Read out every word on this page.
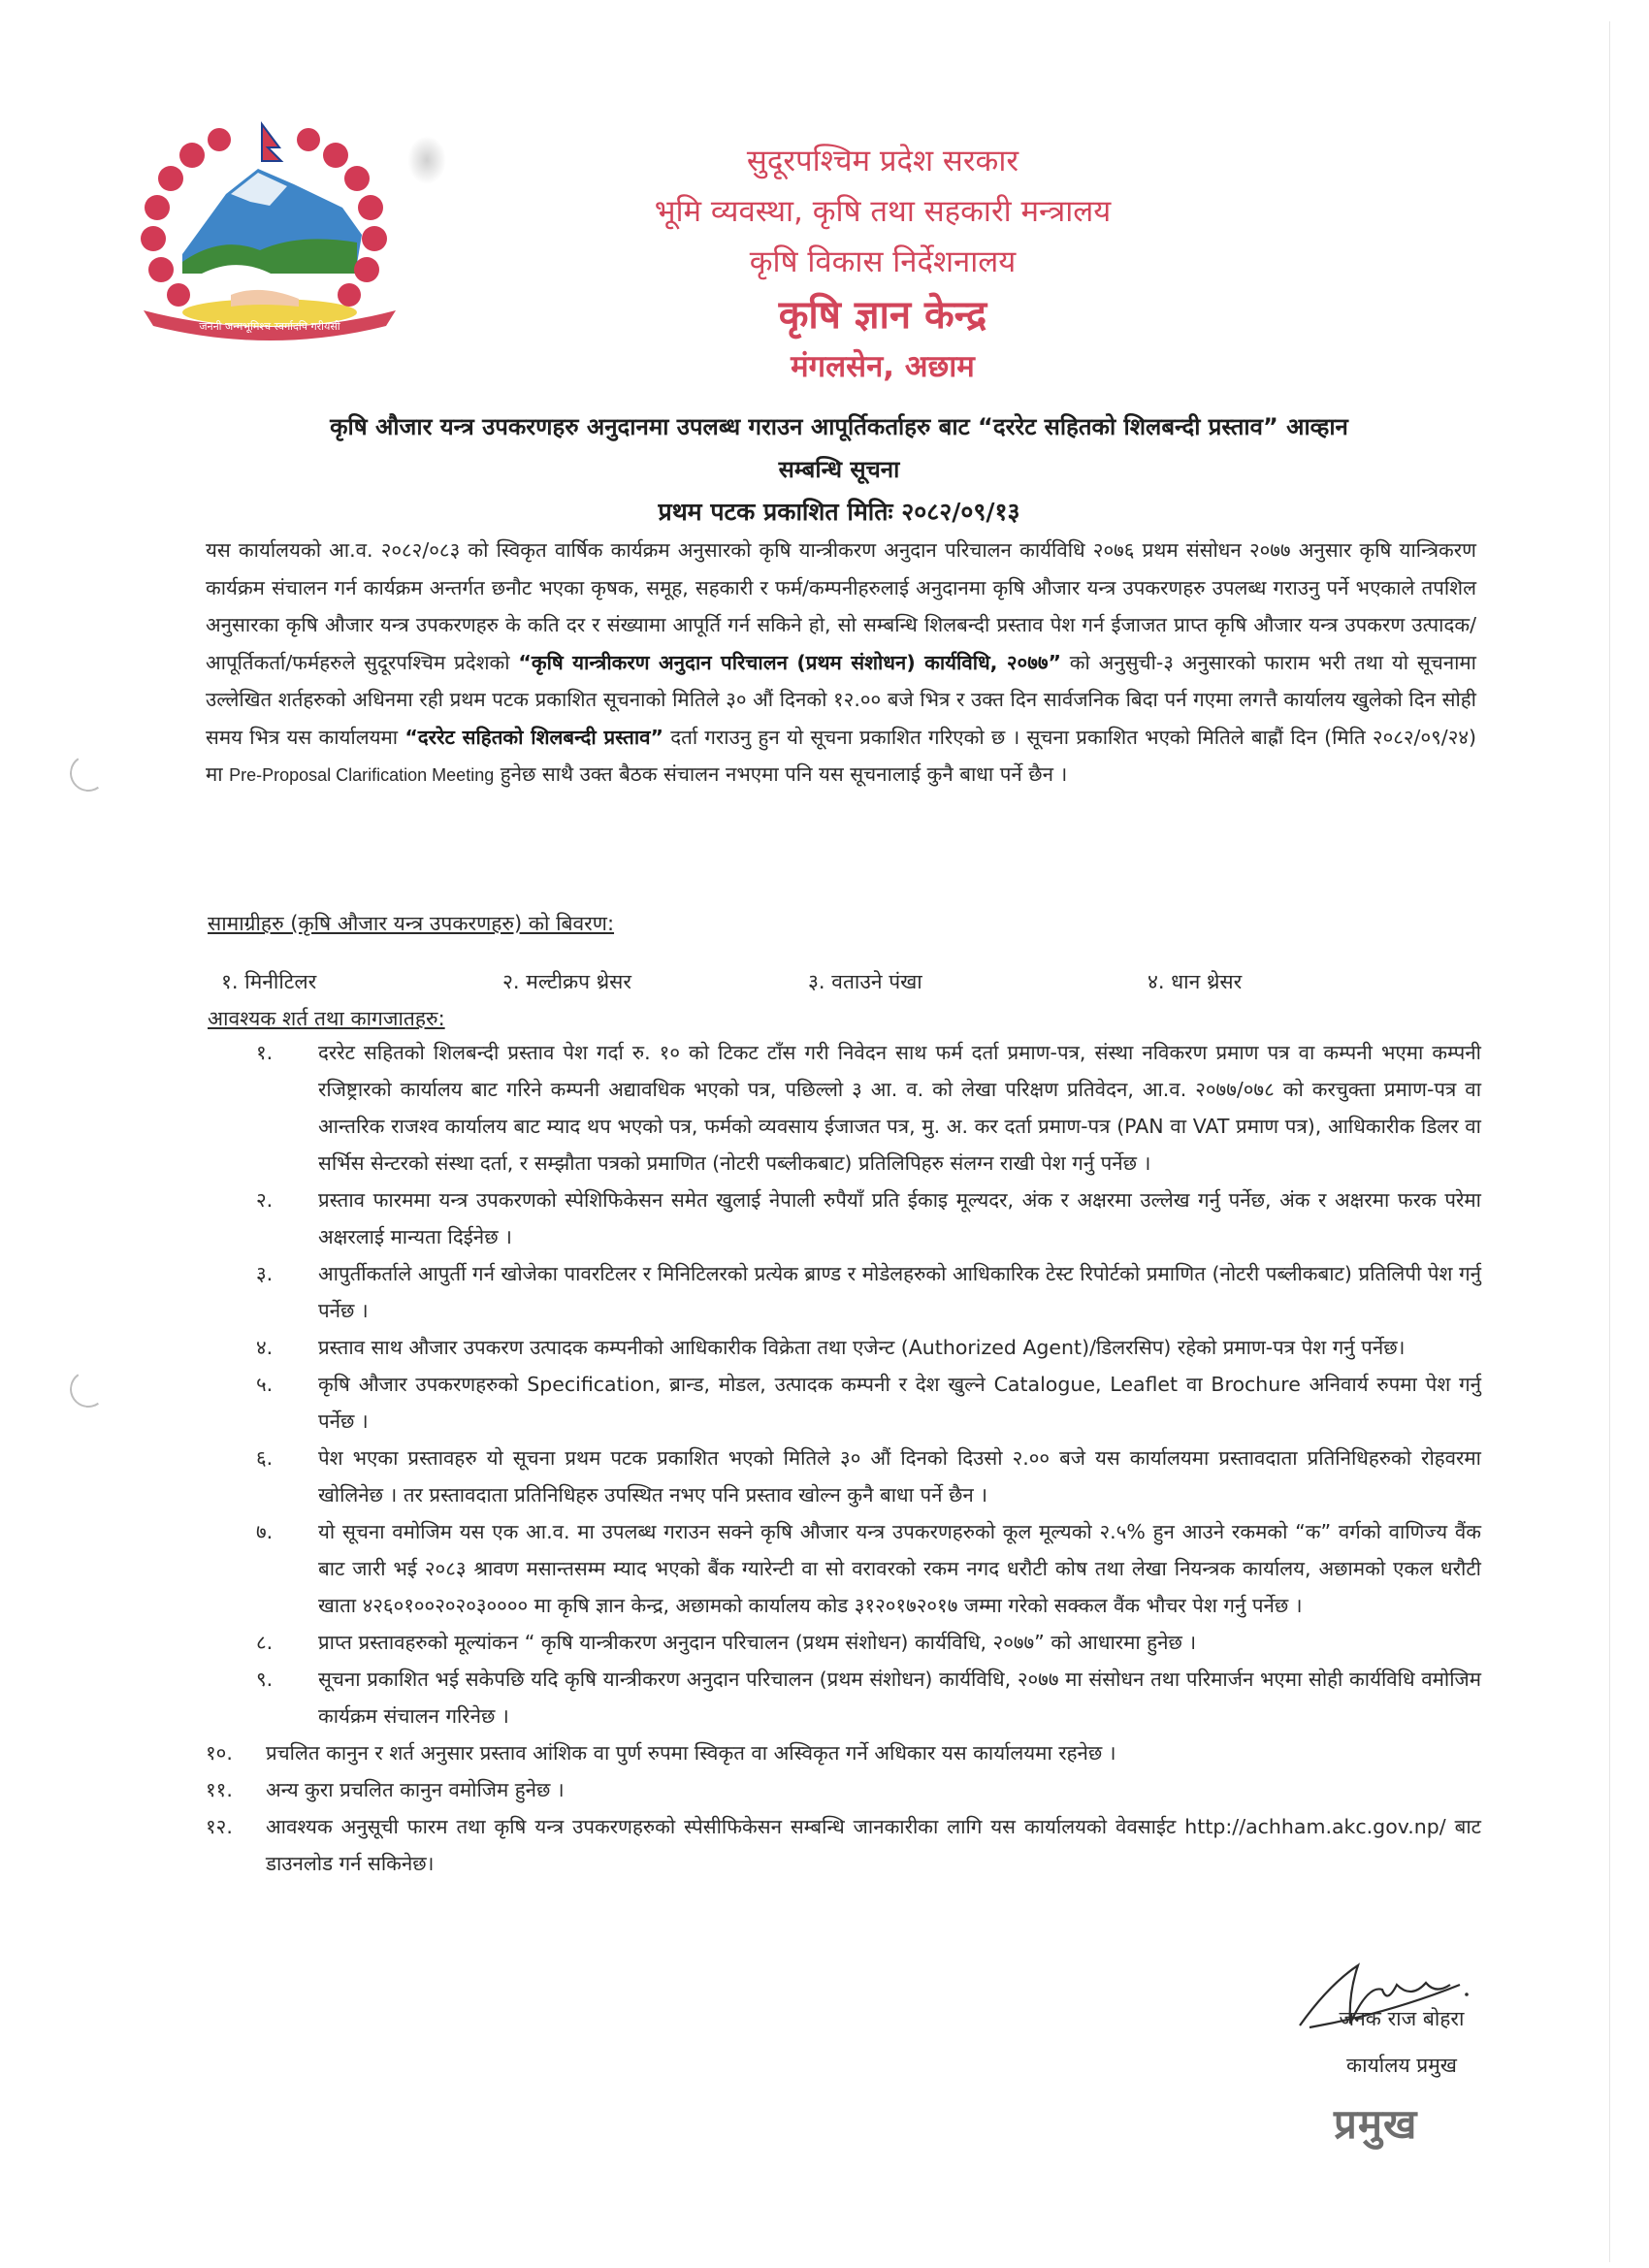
जननी जन्मभूमिश्च स्वर्गादपि गरीयसी
सुदूरपश्चिम प्रदेश सरकार
भूमि व्यवस्था, कृषि तथा सहकारी मन्त्रालय
कृषि विकास निर्देशनालय
कृषि ज्ञान केन्द्र
मंगलसेन, अछाम
कृषि औजार यन्त्र उपकरणहरु अनुदानमा उपलब्ध गराउन आपूर्तिकर्ताहरु बाट “दररेट सहितको शिलबन्दी प्रस्ताव” आव्हान
सम्बन्धि सूचना
प्रथम पटक प्रकाशित मितिः २०८२/०९/१३
यस कार्यालयको आ.व. २०८२/०८३ को स्विकृत वार्षिक कार्यक्रम अनुसारको कृषि यान्त्रीकरण अनुदान परिचालन कार्यविधि २०७६ प्रथम संसोधन २०७७ अनुसार कृषि यान्त्रिकरण कार्यक्रम संचालन गर्न कार्यक्रम अन्तर्गत छनौट भएका कृषक, समूह, सहकारी र फर्म/कम्पनीहरुलाई अनुदानमा कृषि औजार यन्त्र उपकरणहरु उपलब्ध गराउनु पर्ने भएकाले तपशिल अनुसारका कृषि औजार यन्त्र उपकरणहरु के कति दर र संख्यामा आपूर्ति गर्न सकिने हो, सो सम्बन्धि शिलबन्दी प्रस्ताव पेश गर्न ईजाजत प्राप्त कृषि औजार यन्त्र उपकरण उत्पादक/ आपूर्तिकर्ता/फर्महरुले सुदूरपश्चिम प्रदेशको “कृषि यान्त्रीकरण अनुदान परिचालन (प्रथम संशोधन) कार्यविधि, २०७७” को अनुसुची-३ अनुसारको फाराम भरी तथा यो सूचनामा उल्लेखित शर्तहरुको अधिनमा रही प्रथम पटक प्रकाशित सूचनाको मितिले ३० औं दिनको १२.०० बजे भित्र र उक्त दिन सार्वजनिक बिदा पर्न गएमा लगत्तै कार्यालय खुलेको दिन सोही समय भित्र यस कार्यालयमा “दररेट सहितको शिलबन्दी प्रस्ताव” दर्ता गराउनु हुन यो सूचना प्रकाशित गरिएको छ । सूचना प्रकाशित भएको मितिले बाह्रौं दिन (मिति २०८२/०९/२४) मा Pre-Proposal Clarification Meeting हुनेछ साथै उक्त बैठक संचालन नभएमा पनि यस सूचनालाई कुनै बाधा पर्ने छैन ।
सामाग्रीहरु (कृषि औजार यन्त्र उपकरणहरु) को बिवरण:
१. मिनीटिलर	२. मल्टीक्रप थ्रेसर	३. वताउने पंखा	४. धान थ्रेसर
आवश्यक शर्त तथा कागजातहरु:
१.	दररेट सहितको शिलबन्दी प्रस्ताव पेश गर्दा रु. १० को टिकट टाँस गरी निवेदन साथ फर्म दर्ता प्रमाण-पत्र, संस्था नविकरण प्रमाण पत्र वा कम्पनी भएमा कम्पनी रजिष्ट्रारको कार्यालय बाट गरिने कम्पनी अद्यावधिक भएको पत्र, पछिल्लो ३ आ. व. को लेखा परिक्षण प्रतिवेदन, आ.व. २०७७/०७८ को करचुक्ता प्रमाण-पत्र वा आन्तरिक राजश्व कार्यालय बाट म्याद थप भएको पत्र, फर्मको व्यवसाय ईजाजत पत्र, मु. अ. कर दर्ता प्रमाण-पत्र (PAN वा VAT प्रमाण पत्र), आधिकारीक डिलर वा सर्भिस सेन्टरको संस्था दर्ता, र सम्झौता पत्रको प्रमाणित (नोटरी पब्लीकबाट) प्रतिलिपिहरु संलग्न राखी पेश गर्नु पर्नेछ ।
२.	प्रस्ताव फारममा यन्त्र उपकरणको स्पेशिफिकेसन समेत खुलाई नेपाली रुपैयाँ प्रति ईकाइ मूल्यदर, अंक र अक्षरमा उल्लेख गर्नु पर्नेछ, अंक र अक्षरमा फरक परेमा अक्षरलाई मान्यता दिईनेछ ।
३.	आपुर्तीकर्ताले आपुर्ती गर्न खोजेका पावरटिलर र मिनिटिलरको प्रत्येक ब्राण्ड र मोडेलहरुको आधिकारिक टेस्ट रिपोर्टको प्रमाणित (नोटरी पब्लीकबाट) प्रतिलिपी पेश गर्नु पर्नेछ ।
४.	प्रस्ताव साथ औजार उपकरण उत्पादक कम्पनीको आधिकारीक विक्रेता तथा एजेन्ट (Authorized Agent)/डिलरसिप) रहेको प्रमाण-पत्र पेश गर्नु पर्नेछ।
५.	कृषि औजार उपकरणहरुको Specification, ब्रान्ड, मोडल, उत्पादक कम्पनी र देश खुल्ने Catalogue, Leaflet वा Brochure अनिवार्य रुपमा पेश गर्नु पर्नेछ ।
६.	पेश भएका प्रस्तावहरु यो सूचना प्रथम पटक प्रकाशित भएको मितिले ३० औं दिनको दिउसो २.०० बजे यस कार्यालयमा प्रस्तावदाता प्रतिनिधिहरुको रोहवरमा खोलिनेछ । तर प्रस्तावदाता प्रतिनिधिहरु उपस्थित नभए पनि प्रस्ताव खोल्न कुनै बाधा पर्ने छैन ।
७.	यो सूचना वमोजिम यस एक आ.व. मा उपलब्ध गराउन सक्ने कृषि औजार यन्त्र उपकरणहरुको कूल मूल्यको २.५% हुन आउने रकमको “क” वर्गको वाणिज्य वैंक बाट जारी भई २०८३ श्रावण मसान्तसम्म म्याद भएको बैंक ग्यारेन्टी वा सो वरावरको रकम नगद धरौटी कोष तथा लेखा नियन्त्रक कार्यालय, अछामको एकल धरौटी खाता ४२६०१००२०२०३०००० मा कृषि ज्ञान केन्द्र, अछामको कार्यालय कोड ३१२०१७२०१७ जम्मा गरेको सक्कल वैंक भौचर पेश गर्नु पर्नेछ ।
८.	प्राप्त प्रस्तावहरुको मूल्यांकन “ कृषि यान्त्रीकरण अनुदान परिचालन (प्रथम संशोधन) कार्यविधि, २०७७” को आधारमा हुनेछ ।
९.	सूचना प्रकाशित भई सकेपछि यदि कृषि यान्त्रीकरण अनुदान परिचालन (प्रथम संशोधन) कार्यविधि, २०७७ मा संसोधन तथा परिमार्जन भएमा सोही कार्यविधि वमोजिम कार्यक्रम संचालन गरिनेछ ।
१०.	प्रचलित कानुन र शर्त अनुसार प्रस्ताव आंशिक वा पुर्ण रुपमा स्विकृत वा अस्विकृत गर्ने अधिकार यस कार्यालयमा रहनेछ ।
११.	अन्य कुरा प्रचलित कानुन वमोजिम हुनेछ ।
१२.	आवश्यक अनुसूची फारम तथा कृषि यन्त्र उपकरणहरुको स्पेसीफिकेसन सम्बन्धि जानकारीका लागि यस कार्यालयको वेवसाईट http://achham.akc.gov.np/ बाट डाउनलोड गर्न सकिनेछ।
जनक राज बोहरा
कार्यालय प्रमुख
प्रमुख
